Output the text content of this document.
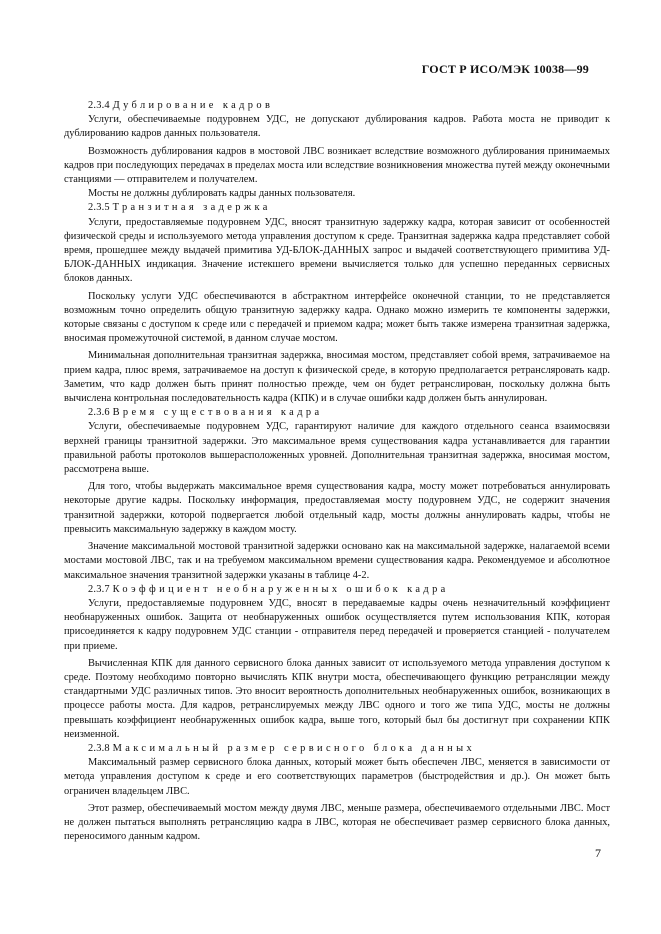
ГОСТ Р ИСО/МЭК 10038—99
2.3.4 Дублирование кадров

Услуги, обеспечиваемые подуровнем УДС, не допускают дублирования кадров. Работа моста не приводит к дублированию кадров данных пользователя.

Возможность дублирования кадров в мостовой ЛВС возникает вследствие возможного дублирования принимаемых кадров при последующих передачах в пределах моста или вследствие возникновения множества путей между оконечными станциями — отправителем и получателем.

Мосты не должны дублировать кадры данных пользователя.

2.3.5 Транзитная задержка

Услуги, предоставляемые подуровнем УДС, вносят транзитную задержку кадра, которая зависит от особенностей физической среды и используемого метода управления доступом к среде. Транзитная задержка кадра представляет собой время, прошедшее между выдачей примитива УД-БЛОК-ДАННЫХ запрос и выдачей соответствующего примитива УД-БЛОК-ДАННЫХ индикация. Значение истекшего времени вычисляется только для успешно переданных сервисных блоков данных.

Поскольку услуги УДС обеспечиваются в абстрактном интерфейсе оконечной станции, то не представляется возможным точно определить общую транзитную задержку кадра. Однако можно измерить те компоненты задержки, которые связаны с доступом к среде или с передачей и приемом кадра; может быть также измерена транзитная задержка, вносимая промежуточной системой, в данном случае мостом.

Минимальная дополнительная транзитная задержка, вносимая мостом, представляет собой время, затрачиваемое на прием кадра, плюс время, затрачиваемое на доступ к физической среде, в которую предполагается ретрансляровать кадр. Заметим, что кадр должен быть принят полностью прежде, чем он будет ретранслирован, поскольку должна быть вычислена контрольная последовательность кадра (КПК) и в случае ошибки кадр должен быть аннулирован.

2.3.6 Время существования кадра

Услуги, обеспечиваемые подуровнем УДС, гарантируют наличие для каждого отдельного сеанса взаимосвязи верхней границы транзитной задержки. Это максимальное время существования кадра устанавливается для гарантии правильной работы протоколов вышерасположенных уровней. Дополнительная транзитная задержка, вносимая мостом, рассмотрена выше.

Для того, чтобы выдержать максимальное время существования кадра, мосту может потребоваться аннулировать некоторые другие кадры. Поскольку информация, предоставляемая мосту подуровнем УДС, не содержит значения транзитной задержки, которой подвергается любой отдельный кадр, мосты должны аннулировать кадры, чтобы не превысить максимальную задержку в каждом мосту.

Значение максимальной мостовой транзитной задержки основано как на максимальной задержке, налагаемой всеми мостами мостовой ЛВС, так и на требуемом максимальном времени существования кадра. Рекомендуемое и абсолютное максимальное значения транзитной задержки указаны в таблице 4-2.

2.3.7 Коэффициент необнаруженных ошибок кадра

Услуги, предоставляемые подуровнем УДС, вносят в передаваемые кадры очень незначительный коэффициент необнаруженных ошибок. Защита от необнаруженных ошибок осуществляется путем использования КПК, которая присоединяется к кадру подуровнем УДС станции - отправителя перед передачей и проверяется станцией - получателем при приеме.

Вычисленная КПК для данного сервисного блока данных зависит от используемого метода управления доступом к среде. Поэтому необходимо повторно вычислять КПК внутри моста, обеспечивающего функцию ретрансляции между стандартными УДС различных типов. Это вносит вероятность дополнительных необнаруженных ошибок, возникающих в процессе работы моста. Для кадров, ретранслируемых между ЛВС одного и того же типа УДС, мосты не должны превышать коэффициент необнаруженных ошибок кадра, выше того, который был бы достигнут при сохранении КПК неизменной.

2.3.8 Максимальный размер сервисного блока данных

Максимальный размер сервисного блока данных, который может быть обеспечен ЛВС, меняется в зависимости от метода управления доступом к среде и его соответствующих параметров (быстродействия и др.). Он может быть ограничен владельцем ЛВС.

Этот размер, обеспечиваемый мостом между двумя ЛВС, меньше размера, обеспечиваемого отдельными ЛВС. Мост не должен пытаться выполнять ретрансляцию кадра в ЛВС, которая не обеспечивает размер сервисного блока данных, переносимого данным кадром.

7
